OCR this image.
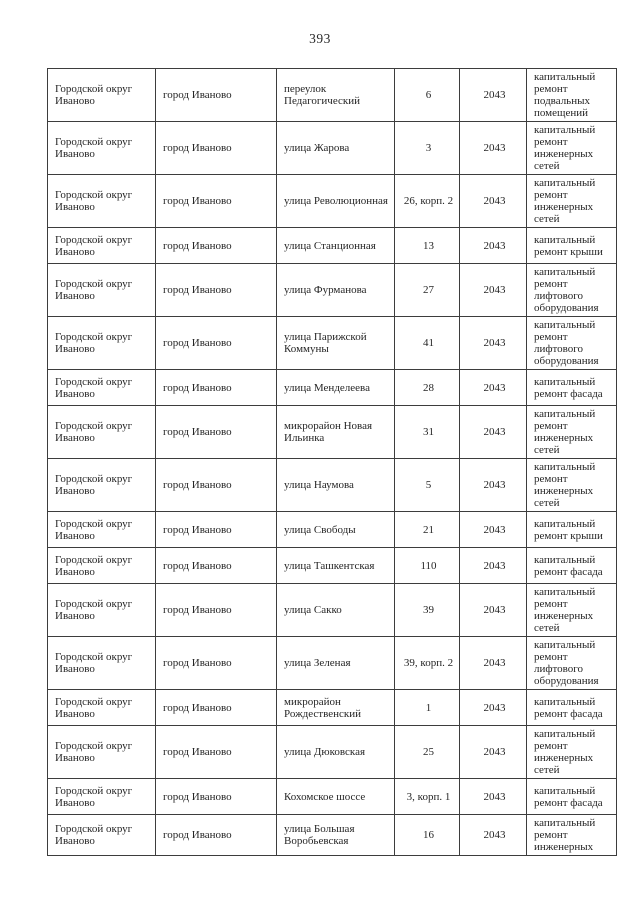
393
Городской округ Иваново	город Иваново	переулок Педагогический	6	2043	капитальный ремонт подвальных помещений
Городской округ Иваново	город Иваново	улица Жарова	3	2043	капитальный ремонт инженерных сетей
Городской округ Иваново	город Иваново	улица Революционная	26, корп. 2	2043	капитальный ремонт инженерных сетей
Городской округ Иваново	город Иваново	улица Станционная	13	2043	капитальный ремонт крыши
Городской округ Иваново	город Иваново	улица Фурманова	27	2043	капитальный ремонт лифтового оборудования
Городской округ Иваново	город Иваново	улица Парижской Коммуны	41	2043	капитальный ремонт лифтового оборудования
Городской округ Иваново	город Иваново	улица Менделеева	28	2043	капитальный ремонт фасада
Городской округ Иваново	город Иваново	микрорайон Новая Ильинка	31	2043	капитальный ремонт инженерных сетей
Городской округ Иваново	город Иваново	улица Наумова	5	2043	капитальный ремонт инженерных сетей
Городской округ Иваново	город Иваново	улица Свободы	21	2043	капитальный ремонт крыши
Городской округ Иваново	город Иваново	улица Ташкентская	110	2043	капитальный ремонт фасада
Городской округ Иваново	город Иваново	улица Сакко	39	2043	капитальный ремонт инженерных сетей
Городской округ Иваново	город Иваново	улица Зеленая	39, корп. 2	2043	капитальный ремонт лифтового оборудования
Городской округ Иваново	город Иваново	микрорайон Рождественский	1	2043	капитальный ремонт фасада
Городской округ Иваново	город Иваново	улица Дюковская	25	2043	капитальный ремонт инженерных сетей
Городской округ Иваново	город Иваново	Кохомское шоссе	3, корп. 1	2043	капитальный ремонт фасада
Городской округ Иваново	город Иваново	улица Большая Воробьевская	16	2043	капитальный ремонт инженерных
